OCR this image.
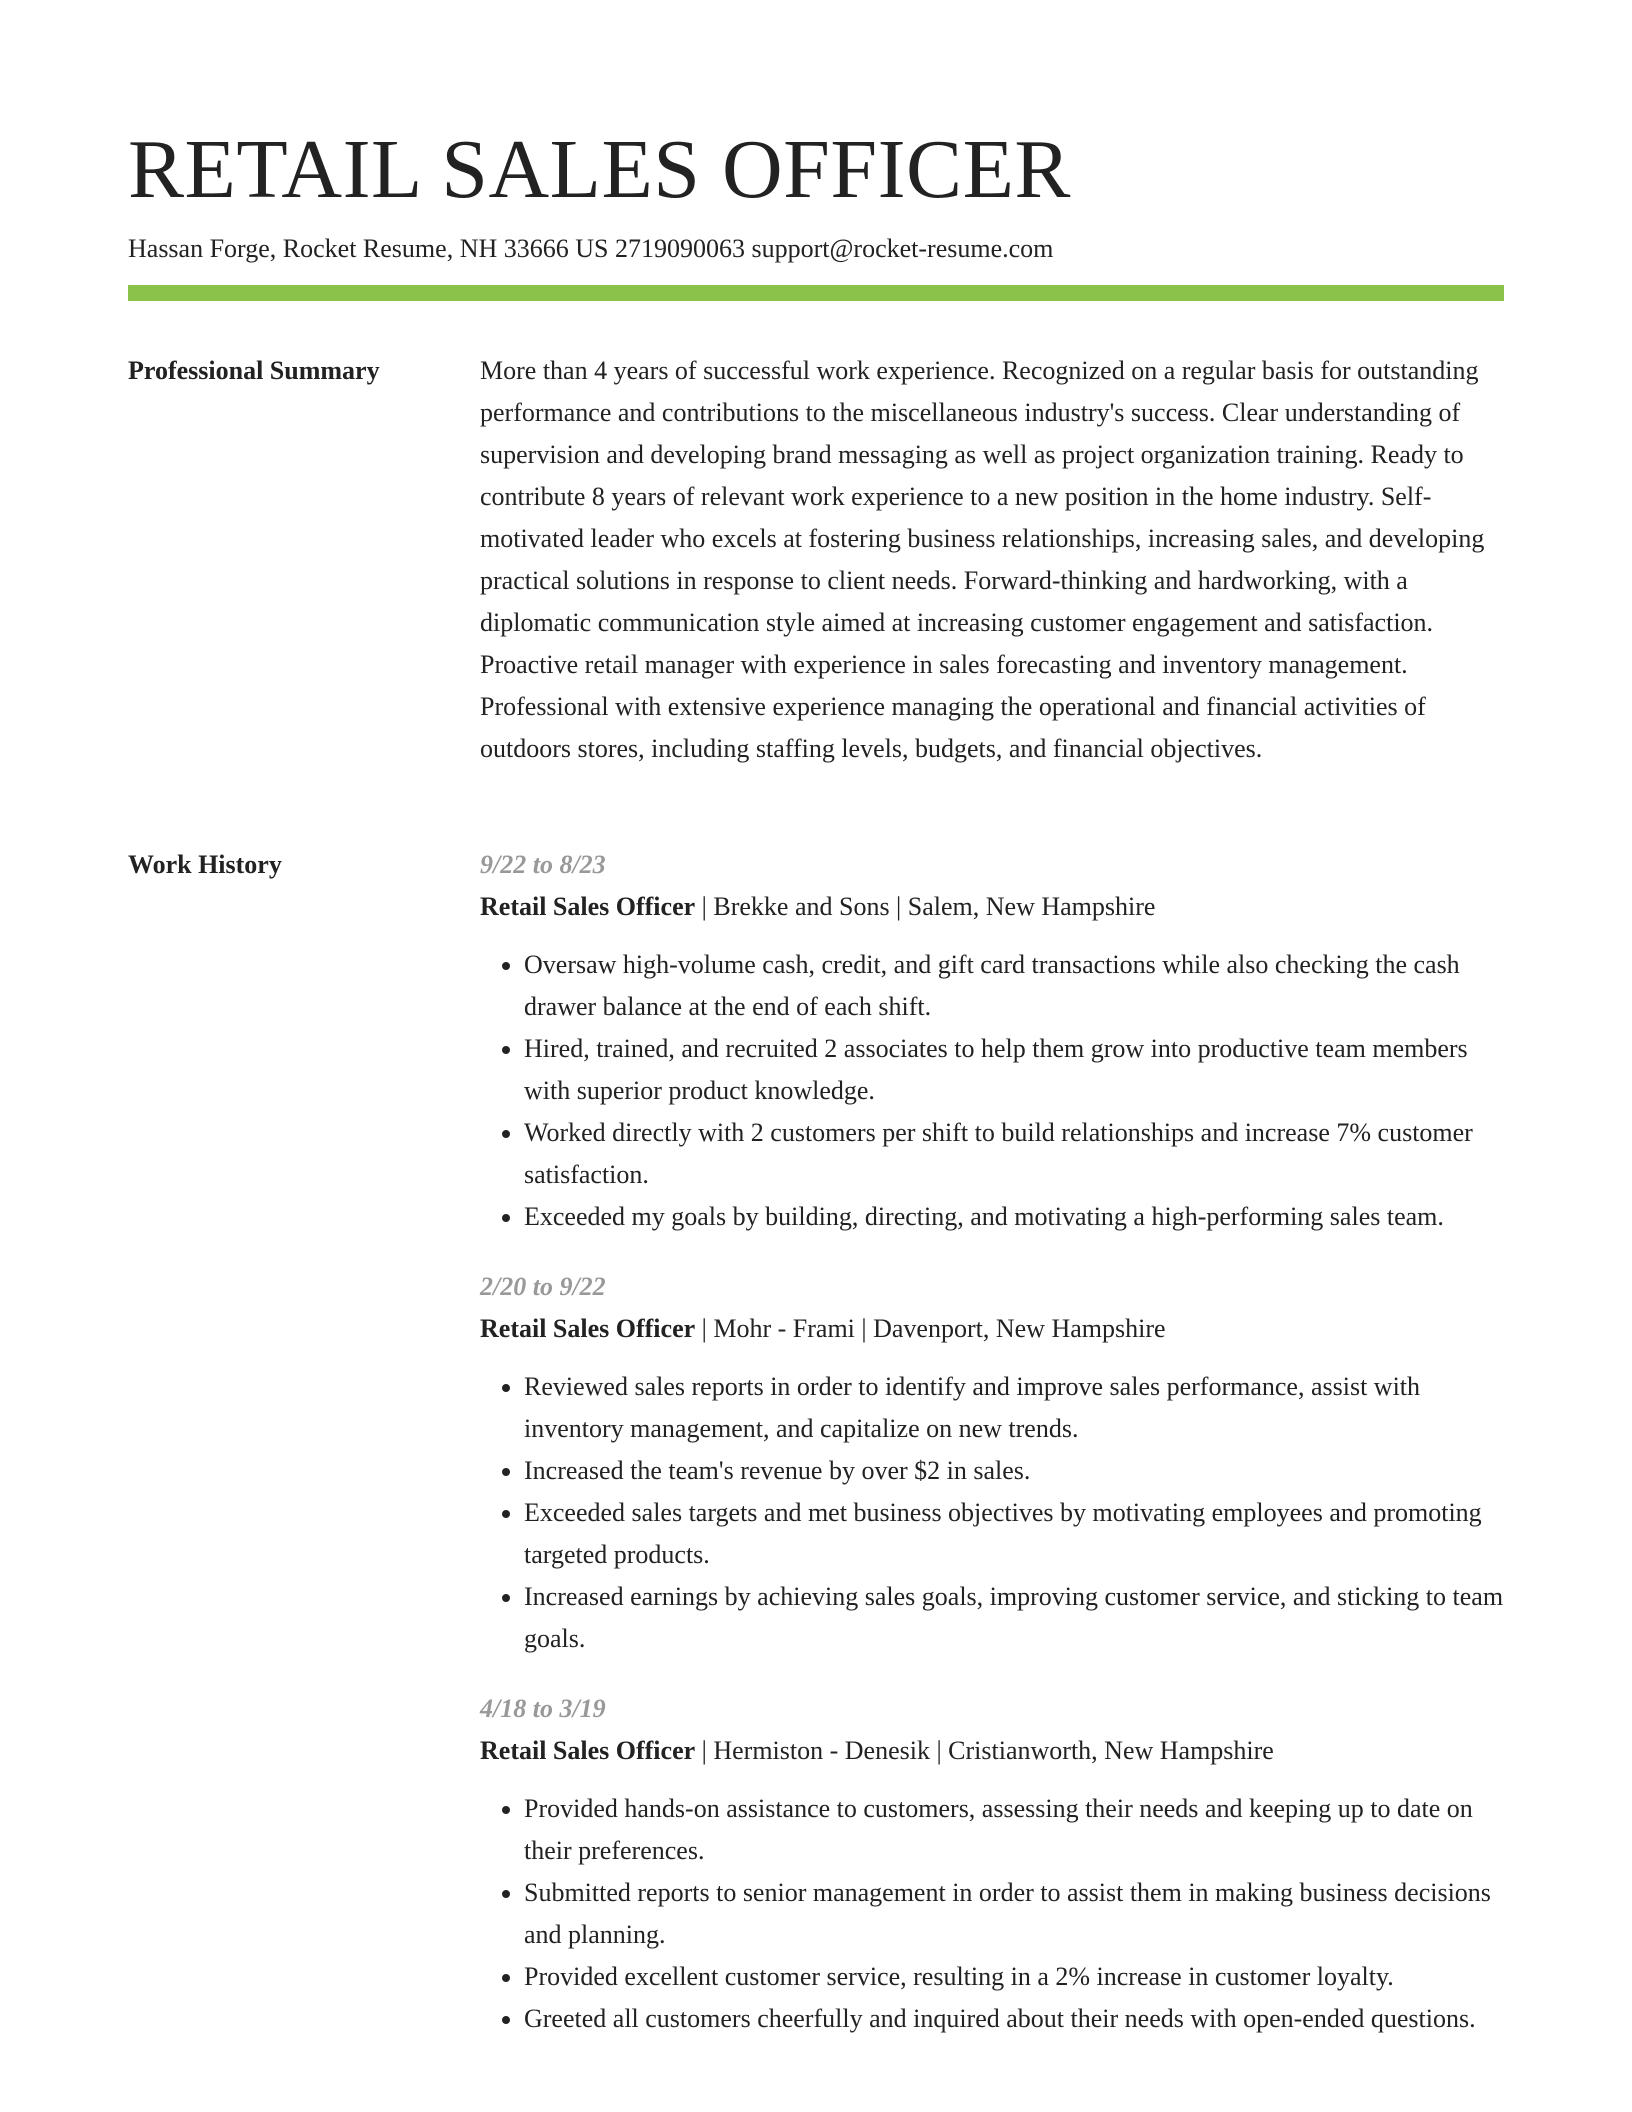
RETAIL SALES OFFICER
Hassan Forge, Rocket Resume, NH 33666 US 2719090063 support@rocket-resume.com
Professional Summary	More than 4 years of successful work experience. Recognized on a regular basis for outstanding performance and contributions to the miscellaneous industry's success. Clear understanding of supervision and developing brand messaging as well as project organization training. Ready to contribute 8 years of relevant work experience to a new position in the home industry. Self-motivated leader who excels at fostering business relationships, increasing sales, and developing practical solutions in response to client needs. Forward-thinking and hardworking, with a diplomatic communication style aimed at increasing customer engagement and satisfaction. Proactive retail manager with experience in sales forecasting and inventory management. Professional with extensive experience managing the operational and financial activities of outdoors stores, including staffing levels, budgets, and financial objectives.

Work History	9/22 to 8/23
Retail Sales Officer | Brekke and Sons | Salem, New Hampshire
• Oversaw high-volume cash, credit, and gift card transactions while also checking the cash drawer balance at the end of each shift.
• Hired, trained, and recruited 2 associates to help them grow into productive team members with superior product knowledge.
• Worked directly with 2 customers per shift to build relationships and increase 7% customer satisfaction.
• Exceeded my goals by building, directing, and motivating a high-performing sales team.
2/20 to 9/22
Retail Sales Officer | Mohr - Frami | Davenport, New Hampshire
• Reviewed sales reports in order to identify and improve sales performance, assist with inventory management, and capitalize on new trends.
• Increased the team's revenue by over $2 in sales.
• Exceeded sales targets and met business objectives by motivating employees and promoting targeted products.
• Increased earnings by achieving sales goals, improving customer service, and sticking to team goals.
4/18 to 3/19
Retail Sales Officer | Hermiston - Denesik | Cristianworth, New Hampshire
• Provided hands-on assistance to customers, assessing their needs and keeping up to date on their preferences.
• Submitted reports to senior management in order to assist them in making business decisions and planning.
• Provided excellent customer service, resulting in a 2% increase in customer loyalty.
• Greeted all customers cheerfully and inquired about their needs with open-ended questions.
